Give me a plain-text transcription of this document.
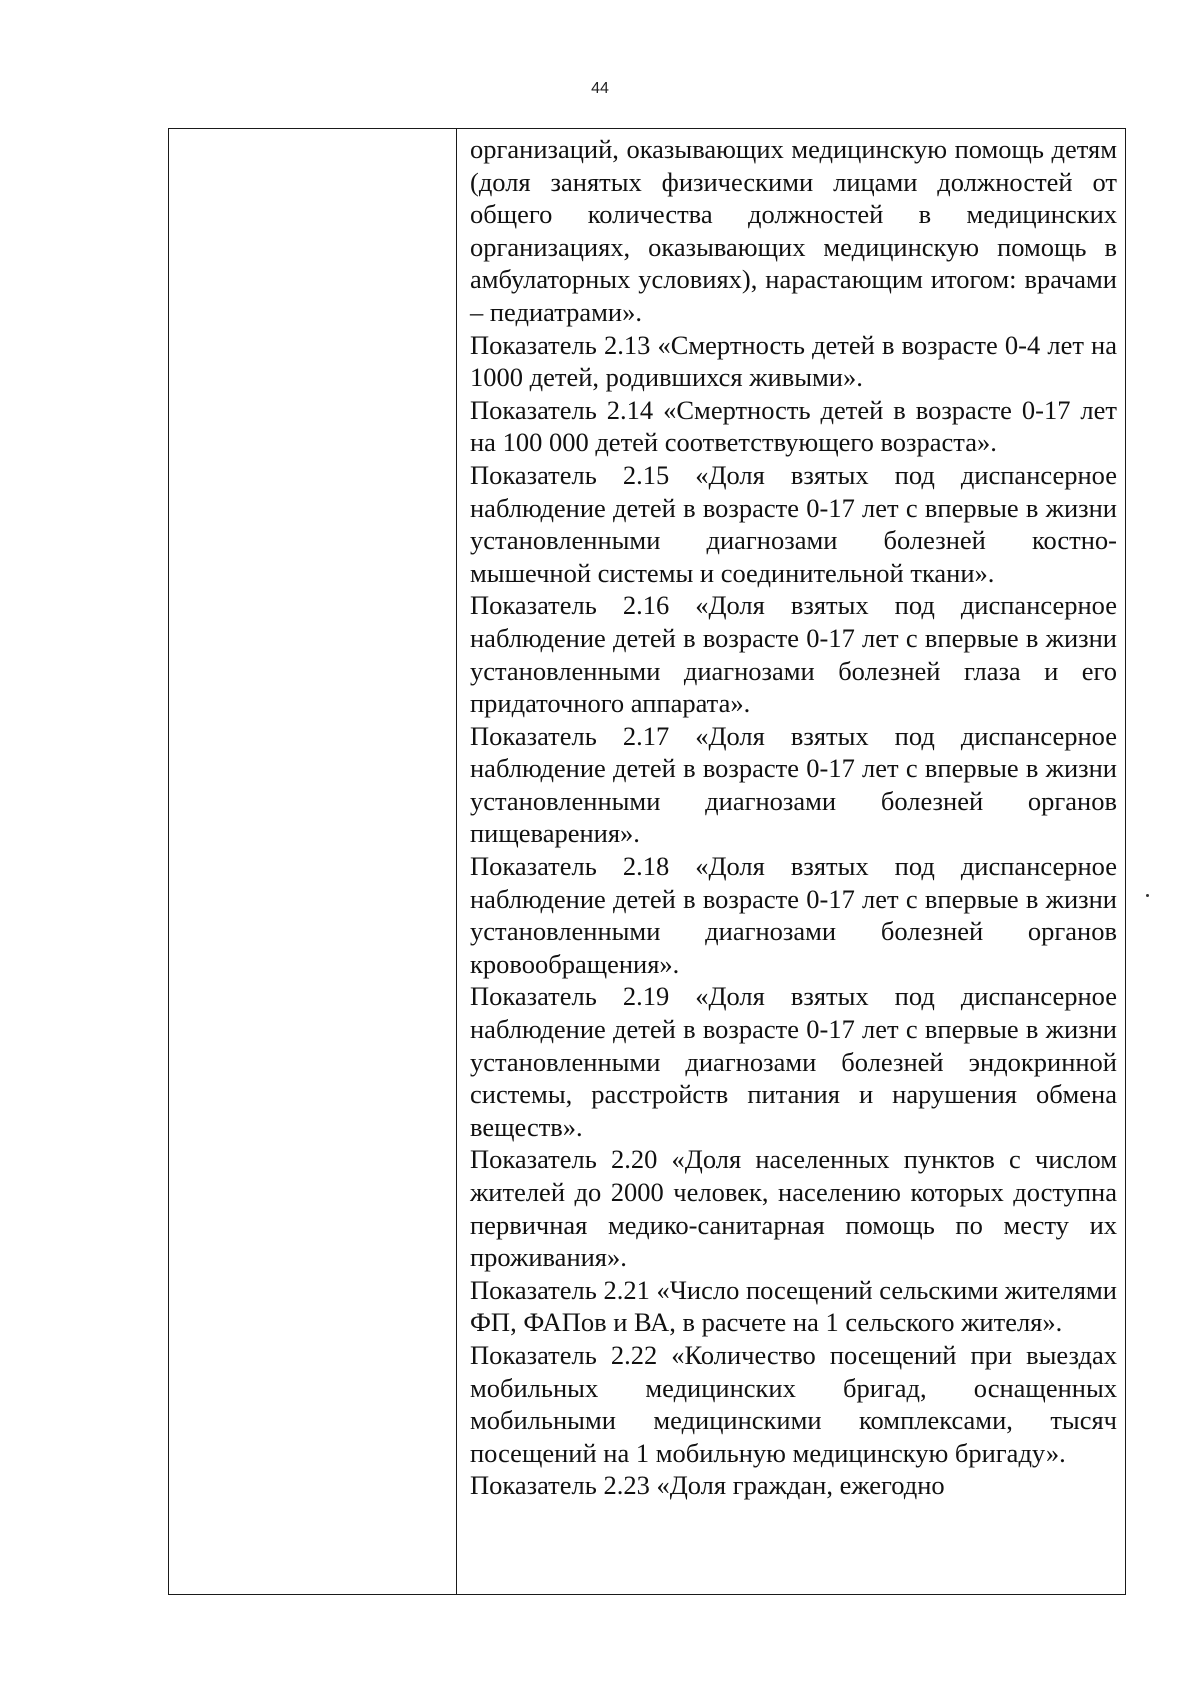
44

организаций, оказывающих медицинскую помощь детям (доля занятых физическими лицами должностей от общего количества должностей в медицинских организациях, оказывающих медицинскую помощь в амбулаторных условиях), нарастающим итогом: врачами – педиатрами».

Показатель 2.13 «Смертность детей в возрасте 0-4 лет на 1000 детей, родившихся живыми».

Показатель 2.14 «Смертность детей в возрасте 0-17 лет на 100 000 детей соответствующего возраста».

Показатель 2.15 «Доля взятых под диспансерное наблюдение детей в возрасте 0-17 лет с впервые в жизни установленными диагнозами болезней костно-мышечной системы и соединительной ткани».

Показатель 2.16 «Доля взятых под диспансерное наблюдение детей в возрасте 0-17 лет с впервые в жизни установленными диагнозами болезней глаза и его придаточного аппарата».

Показатель 2.17 «Доля взятых под диспансерное наблюдение детей в возрасте 0-17 лет с впервые в жизни установленными диагнозами болезней органов пищеварения».

Показатель 2.18 «Доля взятых под диспансерное наблюдение детей в возрасте 0-17 лет с впервые в жизни установленными диагнозами болезней органов кровообращения».

Показатель 2.19 «Доля взятых под диспансерное наблюдение детей в возрасте 0-17 лет с впервые в жизни установленными диагнозами болезней эндокринной системы, расстройств питания и нарушения обмена веществ».

Показатель 2.20 «Доля населенных пунктов с числом жителей до 2000 человек, населению которых доступна первичная медико-санитарная помощь по месту их проживания».

Показатель 2.21 «Число посещений сельскими жителями ФП, ФАПов и ВА, в расчете на 1 сельского жителя».

Показатель 2.22 «Количество посещений при выездах мобильных медицинских бригад, оснащенных мобильными медицинскими комплексами, тысяч посещений на 1 мобильную медицинскую бригаду».

Показатель 2.23 «Доля граждан, ежегодно
